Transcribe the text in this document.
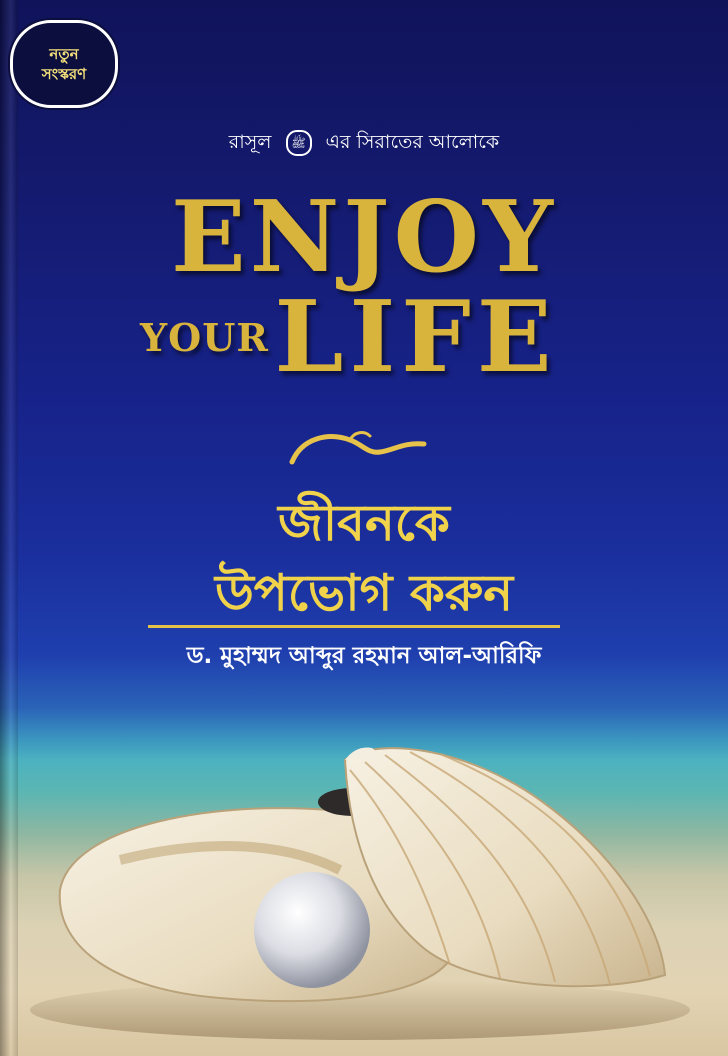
নতুন
সংস্করণ
রাসূল ﷺ এর সিরাতের আলোকে
ENJOY
YOUR LIFE
জীবনকে
উপভোগ করুন
ড. মুহাম্মদ আব্দুর রহমান আল-আরিফি
